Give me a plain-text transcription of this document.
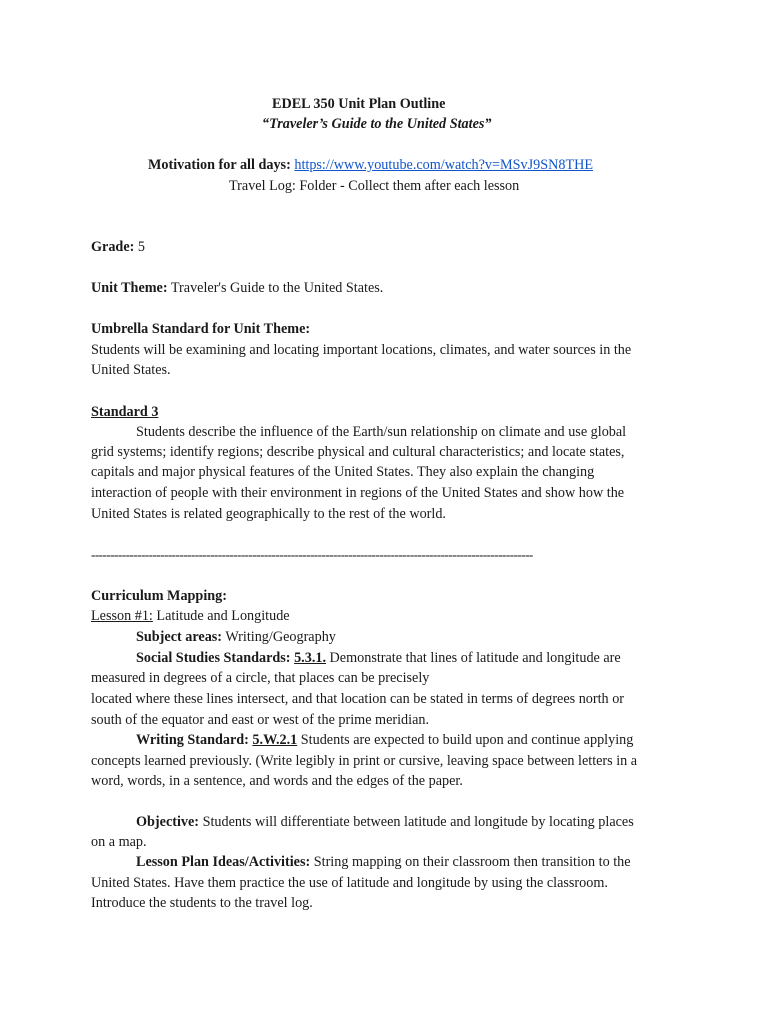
EDEL 350 Unit Plan Outline

“Traveler’s Guide to the United States”

Motivation for all days: https://www.youtube.com/watch?v=MSvJ9SN8THE

Travel Log: Folder - Collect them after each lesson

Grade: 5

Unit Theme: Traveler's Guide to the United States.

Umbrella Standard for Unit Theme:

Students will be examining and locating important locations, climates, and water sources in the

United States.

Standard 3

Students describe the influence of the Earth/sun relationship on climate and use global

grid systems; identify regions; describe physical and cultural characteristics; and locate states,

capitals and major physical features of the United States. They also explain the changing

interaction of people with their environment in regions of the United States and show how the

United States is related geographically to the rest of the world.

-------------------------------------------------------------------------------------------------------------------

Curriculum Mapping:

Lesson #1: Latitude and Longitude

Subject areas: Writing/Geography

Social Studies Standards: 5.3.1. Demonstrate that lines of latitude and longitude are

measured in degrees of a circle, that places can be precisely

located where these lines intersect, and that location can be stated in terms of degrees north or

south of the equator and east or west of the prime meridian.

Writing Standard: 5.W.2.1 Students are expected to build upon and continue applying

concepts learned previously. (Write legibly in print or cursive, leaving space between letters in a

word, words, in a sentence, and words and the edges of the paper.

Objective: Students will differentiate between latitude and longitude by locating places

on a map.

Lesson Plan Ideas/Activities: String mapping on their classroom then transition to the

United States. Have them practice the use of latitude and longitude by using the classroom.

Introduce the students to the travel log.
